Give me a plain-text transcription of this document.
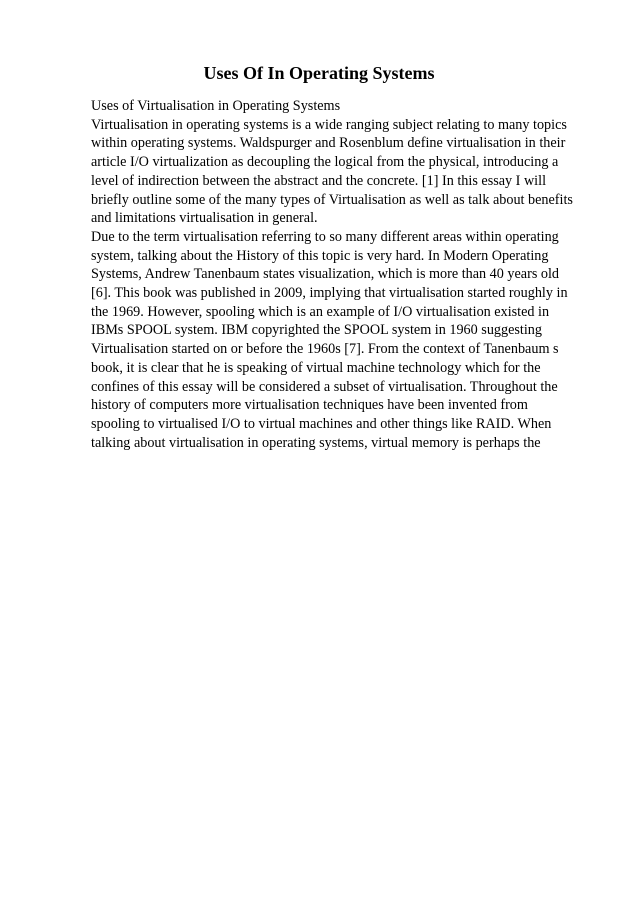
Uses Of In Operating Systems
Uses of Virtualisation in Operating Systems
Virtualisation in operating systems is a wide ranging subject relating to many topics
within operating systems. Waldspurger and Rosenblum define virtualisation in their
article I/O virtualization as decoupling the logical from the physical, introducing a
level of indirection between the abstract and the concrete. [1] In this essay I will
briefly outline some of the many types of Virtualisation as well as talk about benefits
and limitations virtualisation in general.
Due to the term virtualisation referring to so many different areas within operating
system, talking about the History of this topic is very hard. In Modern Operating
Systems, Andrew Tanenbaum states visualization, which is more than 40 years old
[6]. This book was published in 2009, implying that virtualisation started roughly in
the 1969. However, spooling which is an example of I/O virtualisation existed in
IBMs SPOOL system. IBM copyrighted the SPOOL system in 1960 suggesting
Virtualisation started on or before the 1960s [7]. From the context of Tanenbaum s
book, it is clear that he is speaking of virtual machine technology which for the
confines of this essay will be considered a subset of virtualisation. Throughout the
history of computers more virtualisation techniques have been invented from
spooling to virtualised I/O to virtual machines and other things like RAID. When
talking about virtualisation in operating systems, virtual memory is perhaps the
